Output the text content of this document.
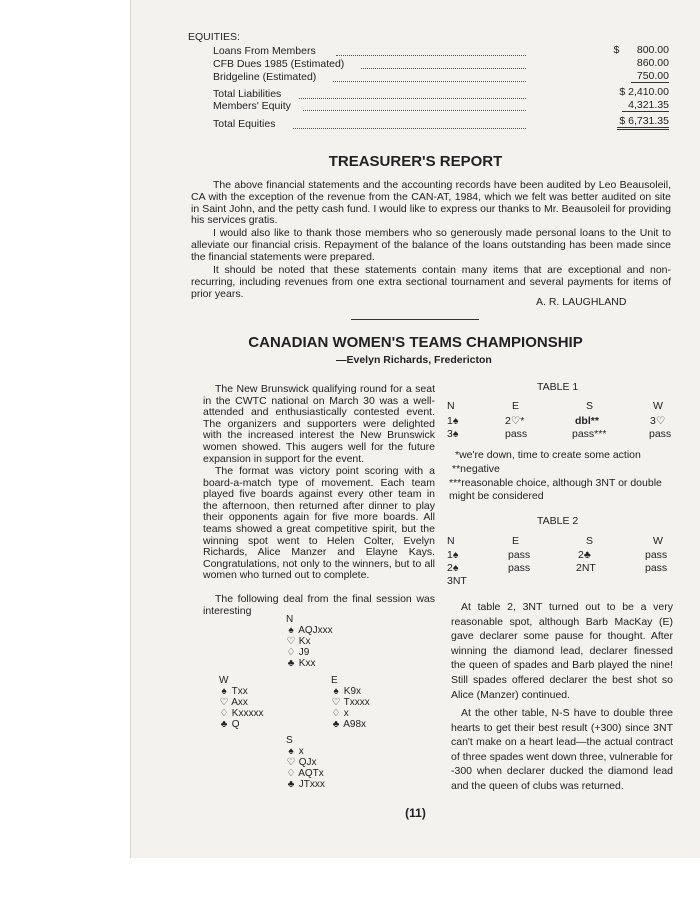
EQUITIES:
Loans From Members	$      800.00
CFB Dues 1985 (Estimated)	860.00
Bridgeline (Estimated)	750.00
Total Liabilities	$ 2,410.00
Members' Equity	4,321.35
Total Equities	$ 6,731.35
TREASURER'S REPORT
The above financial statements and the accounting records have been audited by Leo Beausoleil, CA with the exception of the revenue from the CAN-AT, 1984, which we felt was better audited on site in Saint John, and the petty cash fund. I would like to express our thanks to Mr. Beausoleil for providing his services gratis.
I would also like to thank those members who so generously made personal loans to the Unit to alleviate our financial crisis. Repayment of the balance of the loans outstanding has been made since the financial statements were prepared.
It should be noted that these statements contain many items that are exceptional and non-recurring, including revenues from one extra sectional tournament and several payments for items of prior years.
A. R. LAUGHLAND
CANADIAN WOMEN'S TEAMS CHAMPIONSHIP
—Evelyn Richards, Fredericton
The New Brunswick qualifying round for a seat in the CWTC national on March 30 was a well-attended and enthusiastically contested event. The organizers and supporters were delighted with the increased interest the New Brunswick women showed. This augers well for the future expansion in support for the event.
The format was victory point scoring with a board-a-match type of movement. Each team played five boards against every other team in the afternoon, then returned after dinner to play their opponents again for five more boards. All teams showed a great competitive spirit, but the winning spot went to Helen Colter, Evelyn Richards, Alice Manzer and Elayne Kays. Congratulations, not only to the winners, but to all women who turned out to complete.
The following deal from the final session was interesting
N
♠ AQJxxx
♡ Kx
♢ J9
♣ Kxx
W
♠ Txx
♡ Axx
♢ Kxxxxx
♣ Q
E
♠ K9x
♡ Txxxx
♢ x
♣ A98x
S
♠ x
♡ QJx
♢ AQTx
♣ JTxxx
TABLE 1
N	E	S	W
1♠	2♡*	dbl**	3♡
3♠	pass	pass***	pass
*we're down, time to create some action
**negative
***reasonable choice, although 3NT or double might be considered
TABLE 2
N	E	S	W
1♠	pass	2♣	pass
2♠	pass	2NT	pass
3NT
At table 2, 3NT turned out to be a very reasonable spot, although Barb MacKay (E) gave declarer some pause for thought. After winning the diamond lead, declarer finessed the queen of spades and Barb played the nine! Still spades offered declarer the best shot so Alice (Manzer) continued.
At the other table, N-S have to double three hearts to get their best result (+300) since 3NT can't make on a heart lead—the actual contract of three spades went down three, vulnerable for -300 when declarer ducked the diamond lead and the queen of clubs was returned.
(11)
